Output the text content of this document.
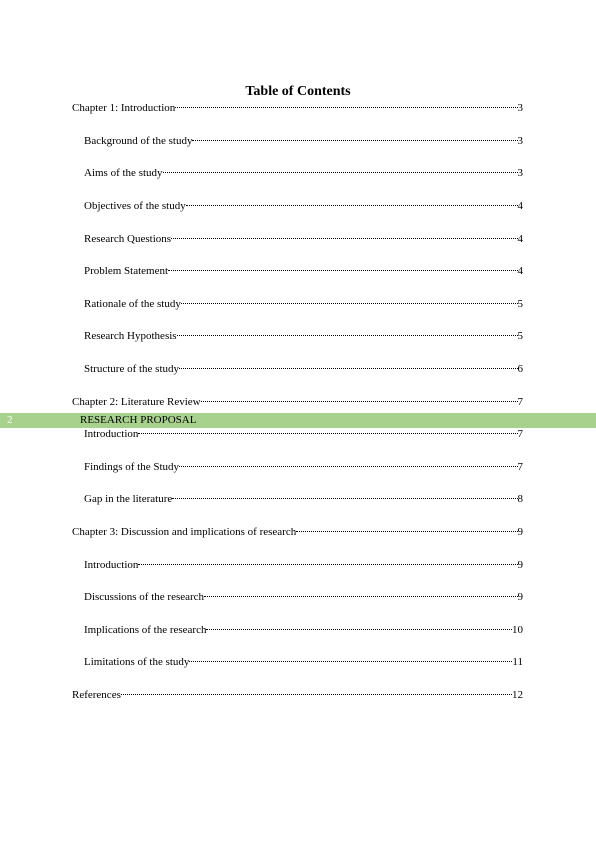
Table of Contents
Chapter 1: Introduction	3
Background of the study	3
Aims of the study	3
Objectives of the study	4
Research Questions	4
Problem Statement	4
Rationale of the study	5
Research Hypothesis	5
Structure of the study	6
Chapter 2: Literature Review	7
2	RESEARCH PROPOSAL
Introduction	7
Findings of the Study	7
Gap in the literature	8
Chapter 3: Discussion and implications of research	9
Introduction	9
Discussions of the research	9
Implications of the research	10
Limitations of the study	11
References	12
